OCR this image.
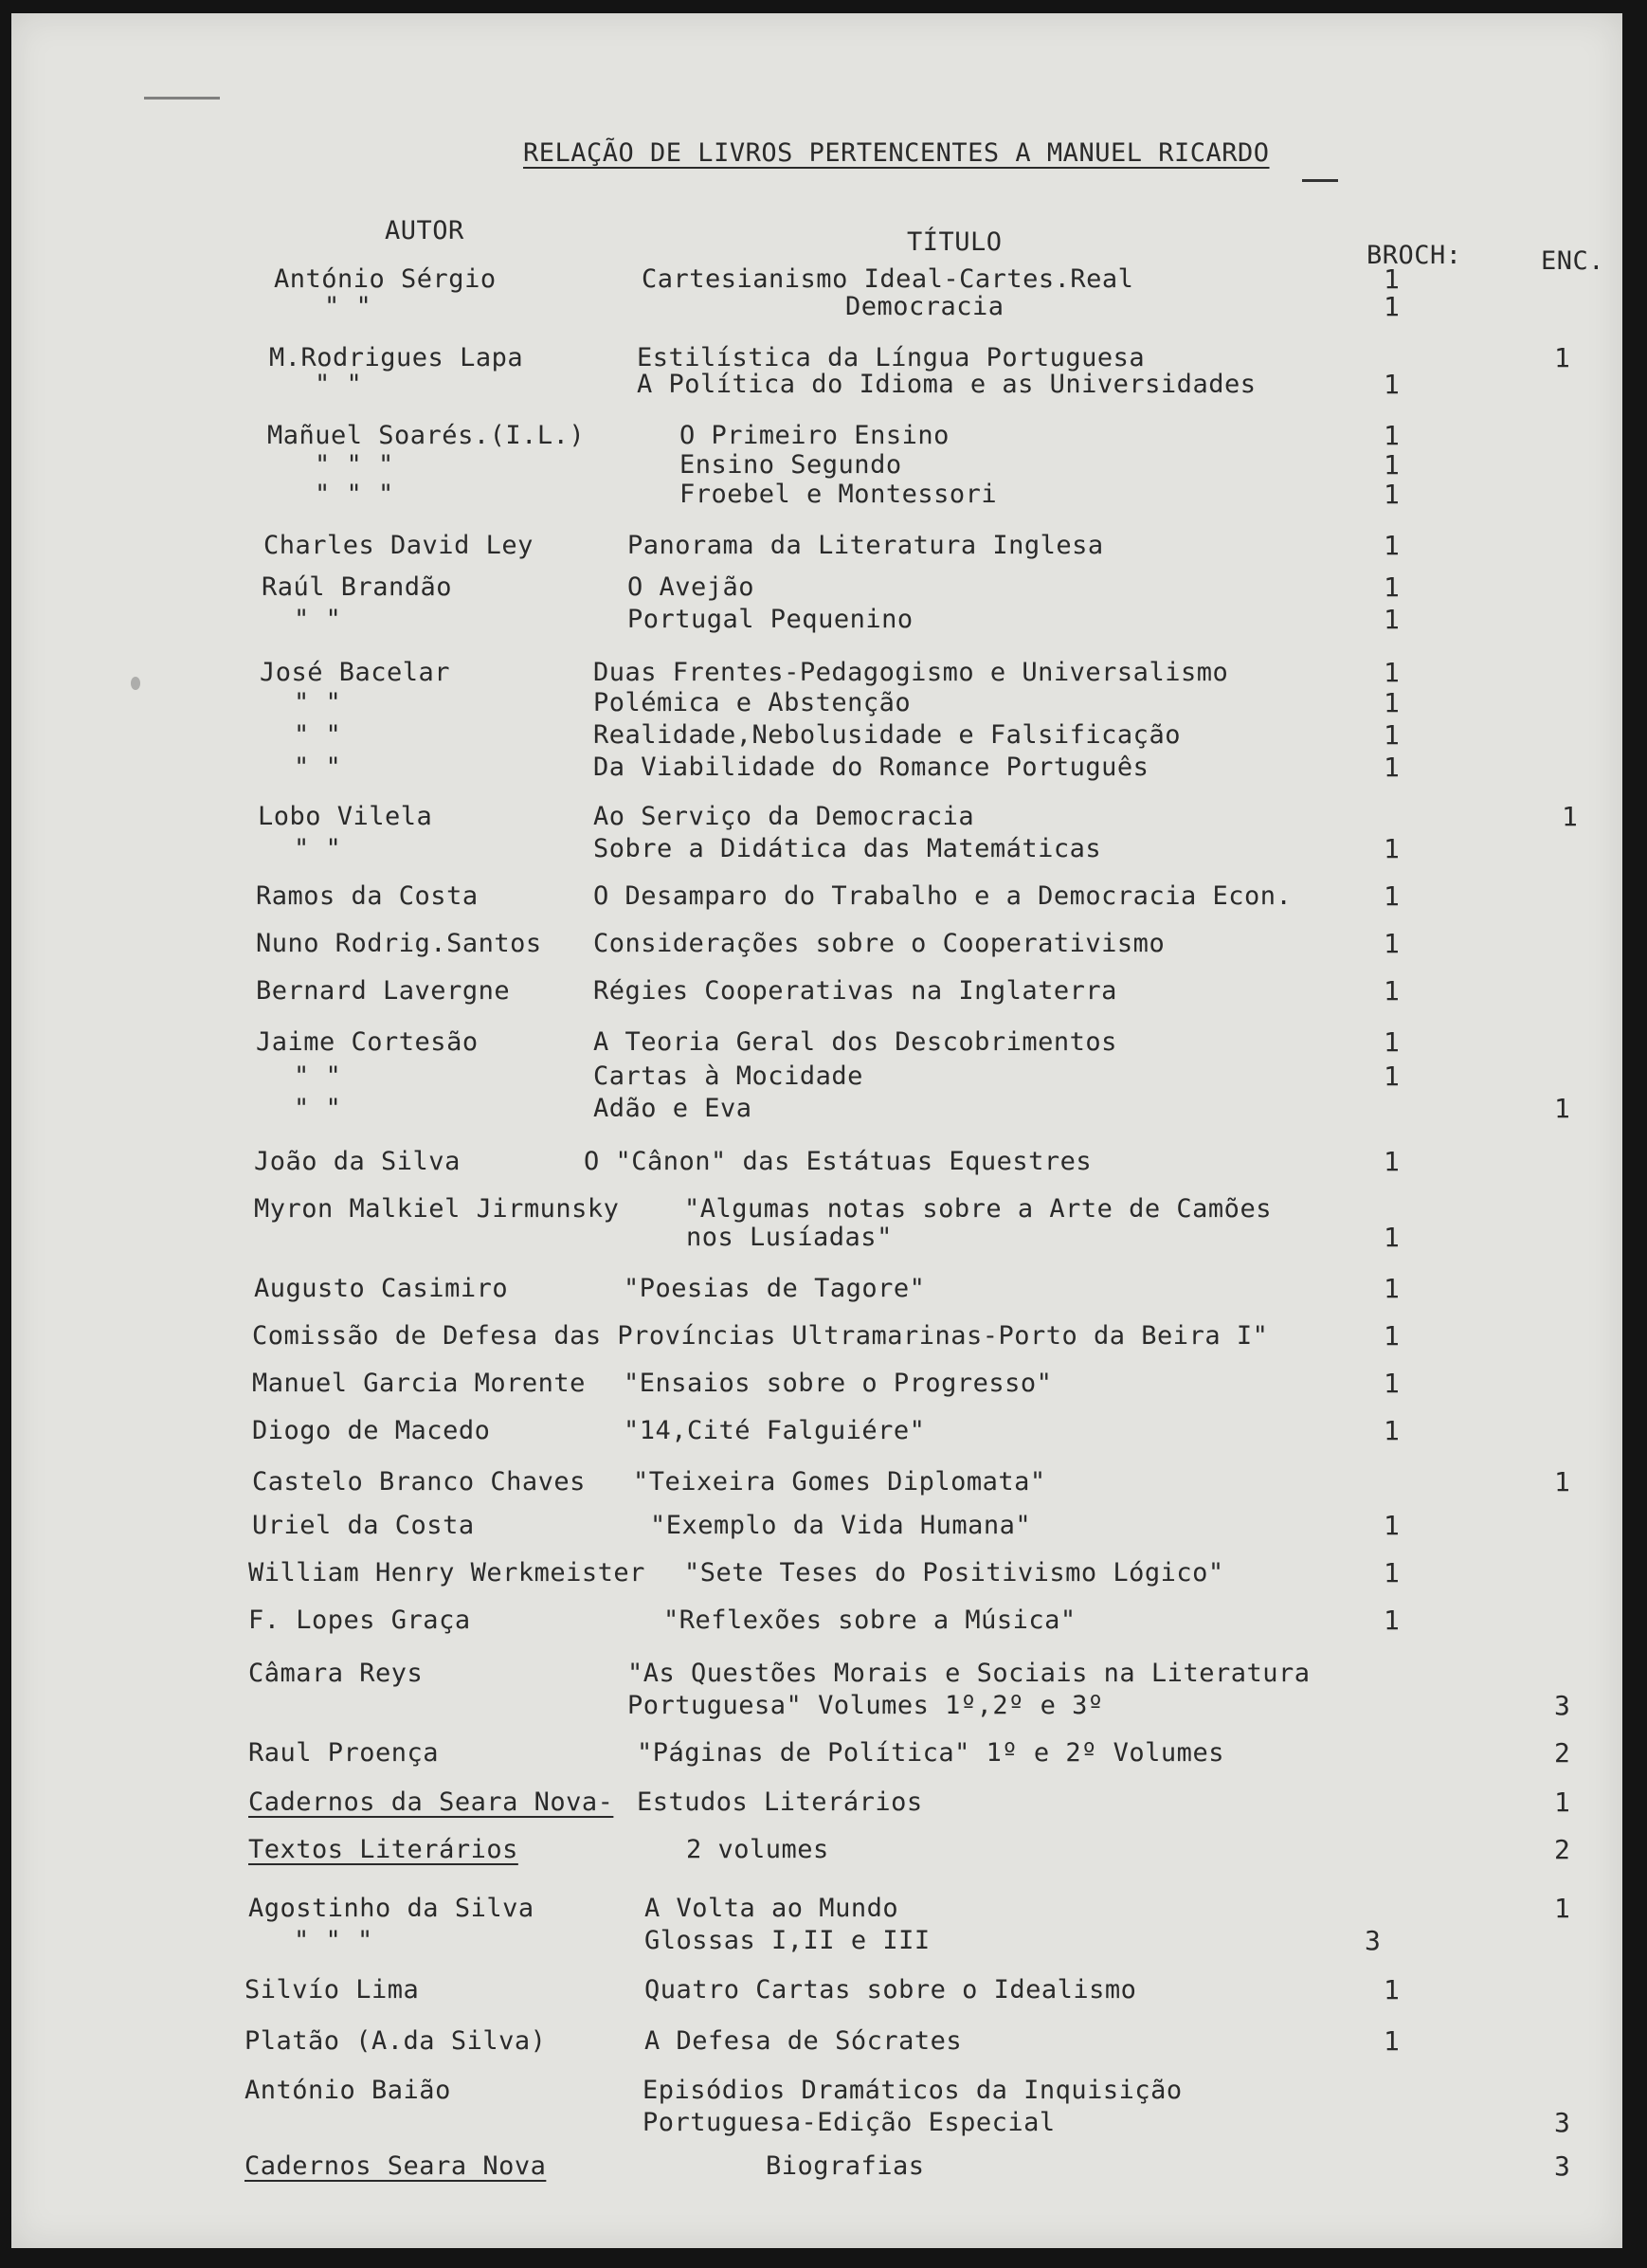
RELAÇÃO DE LIVROS PERTENCENTES A MANUEL RICARDO
AUTOR	TÍTULO	BROCH:	ENC.
António Sérgio	Cartesianismo Ideal-Cartes.Real	1
" "	Democracia	1
M.Rodrigues Lapa	Estilística da Língua Portuguesa	1
" "	A Política do Idioma e as Universidades	1
Mañuel Soarés.(I.L.)	O Primeiro Ensino	1
" " "	Ensino Segundo	1
" " "	Froebel e Montessori	1
Charles David Ley	Panorama da Literatura Inglesa	1
Raúl Brandão	O Avejão	1
" "	Portugal Pequenino	1
José Bacelar	Duas Frentes-Pedagogismo e Universalismo	1
" "	Polémica e Abstenção	1
" "	Realidade,Nebolusidade e Falsificação	1
" "	Da Viabilidade do Romance Português	1
Lobo Vilela	Ao Serviço da Democracia	1
" "	Sobre a Didática das Matemáticas	1
Ramos da Costa	O Desamparo do Trabalho e a Democracia Econ.	1
Nuno Rodrig.Santos Considerações sobre o Cooperativismo	1
Bernard Lavergne	Régies Cooperativas na Inglaterra	1
Jaime Cortesão	A Teoria Geral dos Descobrimentos	1
" "	Cartas à Mocidade	1
" "	Adão e Eva	1
João da Silva	O "Cânon" das Estátuas Equestres	1
Myron Malkiel Jirmunsky	"Algumas notas sobre a Arte de Camões
nos Lusíadas"	1
Augusto Casimiro	"Poesias de Tagore"	1
Comissão de Defesa das Províncias Ultramarinas-Porto da Beira I"	1
Manuel Garcia Morente "Ensaios sobre o Progresso"	1
Diogo de Macedo	"14,Cité Falguiére"	1
Castelo Branco Chaves "Teixeira Gomes Diplomata"	1
Uriel da Costa	"Exemplo da Vida Humana"	1
William Henry Werkmeister "Sete Teses do Positivismo Lógico"	1
F. Lopes Graça	"Reflexões sobre a Música"	1
Câmara Reys	"As Questões Morais e Sociais na Literatura
Portuguesa" Volumes 1º,2º e 3º	3
Raul Proença	"Páginas de Política" 1º e 2º Volumes	2
Cadernos da Seara Nova- Estudos Literários	1
Textos Literários	2 volumes	2
Agostinho da Silva	A Volta ao Mundo	1
" " "	Glossas I,II e III	3
Silvío Lima	Quatro Cartas sobre o Idealismo	1
Platão (A.da Silva)	A Defesa de Sócrates	1
António Baião	Episódios Dramáticos da Inquisição
Portuguesa-Edição Especial	3
Cadernos Seara Nova	Biografias	3
